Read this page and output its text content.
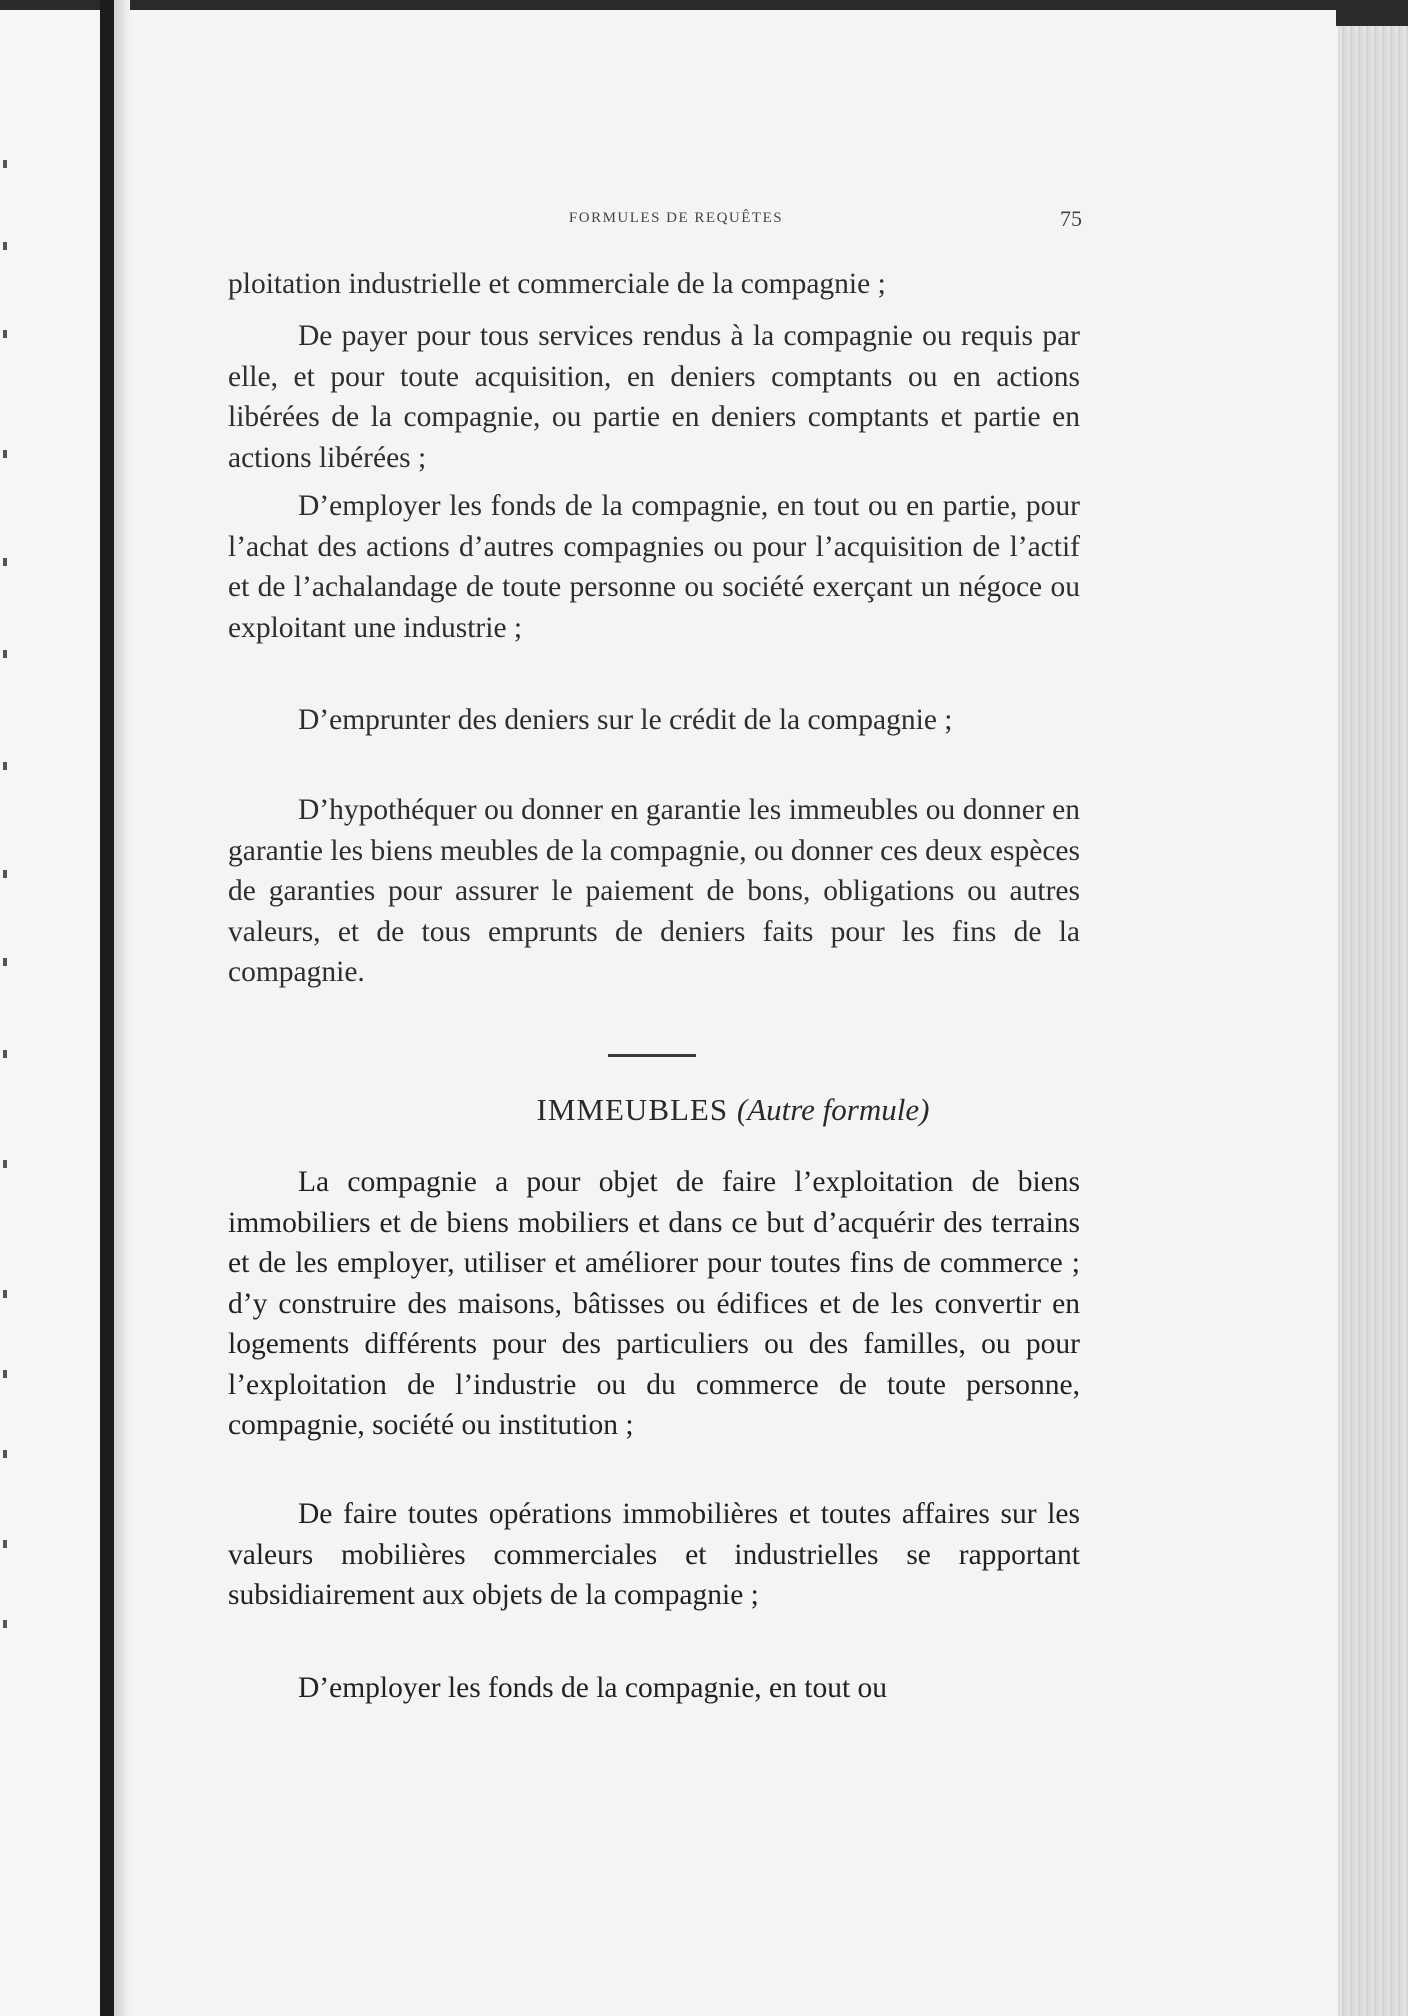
FORMULES DE REQUÊTES	75

ploitation industrielle et commerciale de la compagnie ;

De payer pour tous services rendus à la compagnie ou requis par elle, et pour toute acquisition, en deniers comptants ou en actions libérées de la compagnie, ou partie en deniers comptants et partie en actions libérées ;

D’employer les fonds de la compagnie, en tout ou en partie, pour l’achat des actions d’autres compagnies ou pour l’acquisition de l’actif et de l’achalandage de toute personne ou société exerçant un négoce ou exploitant une industrie ;

D’emprunter des deniers sur le crédit de la compagnie ;

D’hypothéquer ou donner en garantie les immeubles ou donner en garantie les biens meubles de la compagnie, ou donner ces deux espèces de garanties pour assurer le paiement de bons, obligations ou autres valeurs, et de tous emprunts de deniers faits pour les fins de la compagnie.

IMMEUBLES (Autre formule)

La compagnie a pour objet de faire l’exploitation de biens immobiliers et de biens mobiliers et dans ce but d’acquérir des terrains et de les employer, utiliser et améliorer pour toutes fins de commerce ; d’y construire des maisons, bâtisses ou édifices et de les convertir en logements différents pour des particuliers ou des familles, ou pour l’exploitation de l’industrie ou du commerce de toute personne, compagnie, société ou institution ;

De faire toutes opérations immobilières et toutes affaires sur les valeurs mobilières commerciales et industrielles se rapportant subsidiairement aux objets de la compagnie ;

D’employer les fonds de la compagnie, en tout ou
